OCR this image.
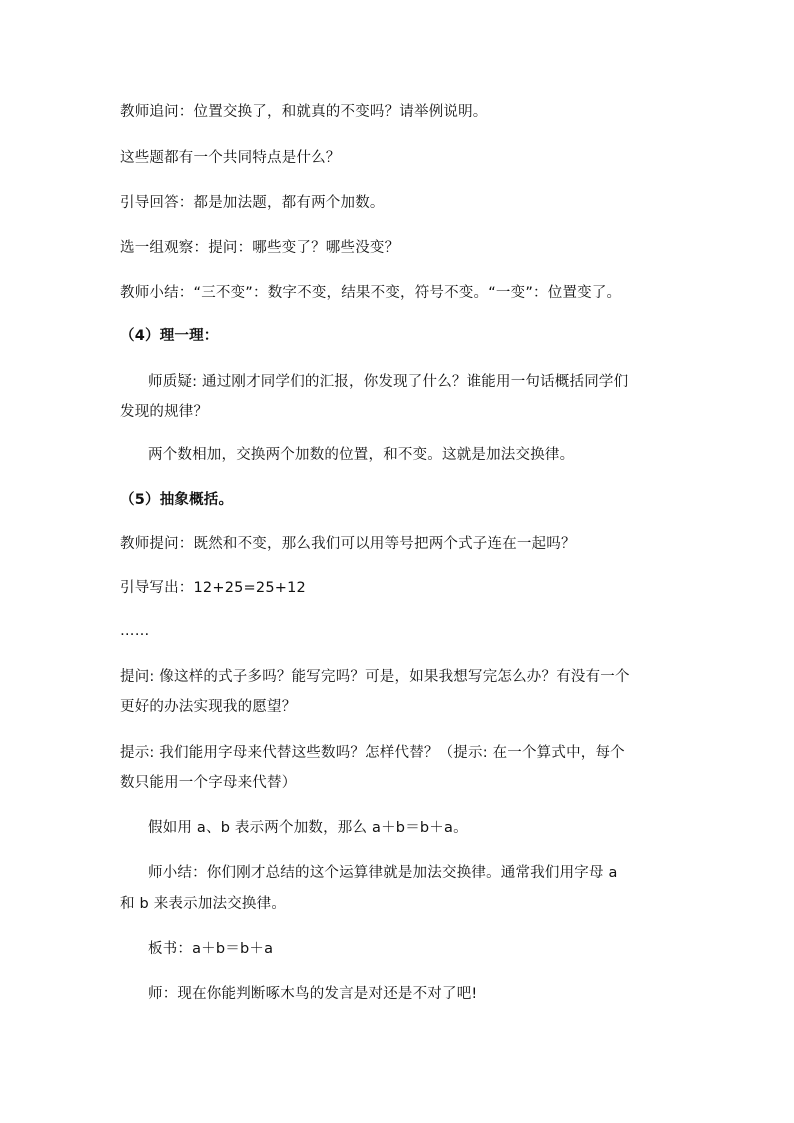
教师追问：位置交换了，和就真的不变吗？请举例说明。
这些题都有一个共同特点是什么？
引导回答：都是加法题，都有两个加数。
选一组观察：提问：哪些变了？哪些没变？
教师小结：“三不变”：数字不变，结果不变，符号不变。“一变”：位置变了。
（4）理一理：
师质疑: 通过刚才同学们的汇报，你发现了什么？谁能用一句话概括同学们
发现的规律？
两个数相加，交换两个加数的位置，和不变。这就是加法交换律。
（5）抽象概括。
教师提问：既然和不变，那么我们可以用等号把两个式子连在一起吗？
引导写出：12+25=25+12
……
提问: 像这样的式子多吗？能写完吗？可是，如果我想写完怎么办？有没有一个
更好的办法实现我的愿望？
提示: 我们能用字母来代替这些数吗？怎样代替？（提示: 在一个算式中，每个
数只能用一个字母来代替）
假如用 a、b 表示两个加数，那么 a＋b＝b＋a。
师小结：你们刚才总结的这个运算律就是加法交换律。通常我们用字母 a
和 b 来表示加法交换律。
板书：a＋b＝b＋a
师：现在你能判断啄木鸟的发言是对还是不对了吧!
